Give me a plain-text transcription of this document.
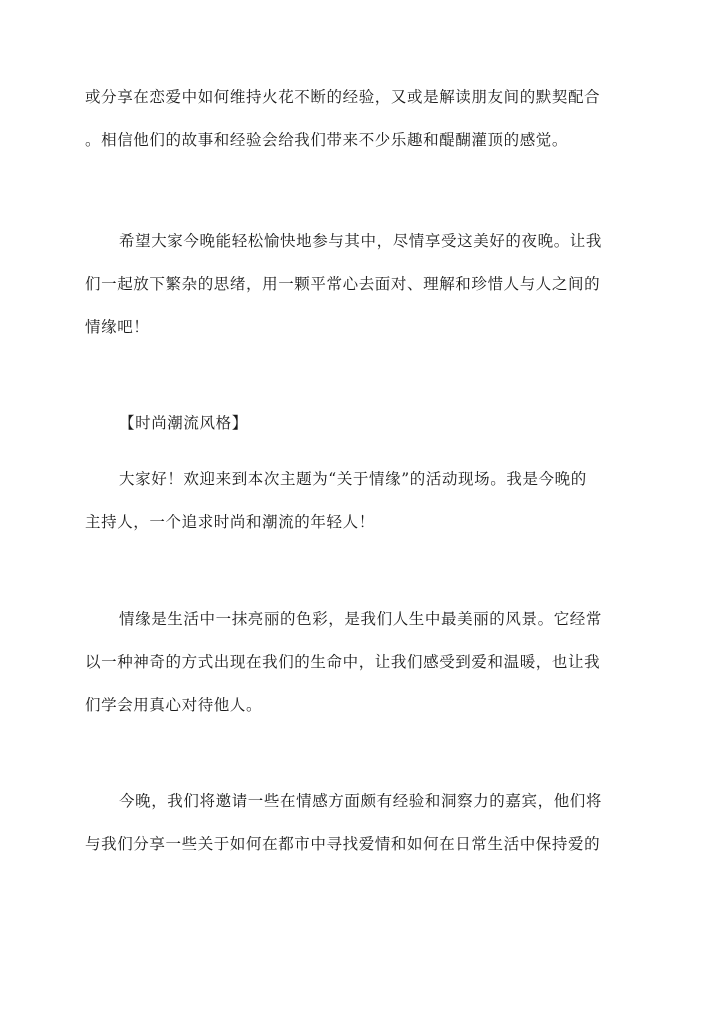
或分享在恋爱中如何维持火花不断的经验，又或是解读朋友间的默契配合
。相信他们的故事和经验会给我们带来不少乐趣和醍醐灌顶的感觉。
希望大家今晚能轻松愉快地参与其中，尽情享受这美好的夜晚。让我
们一起放下繁杂的思绪，用一颗平常心去面对、理解和珍惜人与人之间的
情缘吧！
【时尚潮流风格】
大家好！欢迎来到本次主题为“关于情缘”的活动现场。我是今晚的
主持人，一个追求时尚和潮流的年轻人！
情缘是生活中一抹亮丽的色彩，是我们人生中最美丽的风景。它经常
以一种神奇的方式出现在我们的生命中，让我们感受到爱和温暖，也让我
们学会用真心对待他人。
今晚，我们将邀请一些在情感方面颇有经验和洞察力的嘉宾，他们将
与我们分享一些关于如何在都市中寻找爱情和如何在日常生活中保持爱的
